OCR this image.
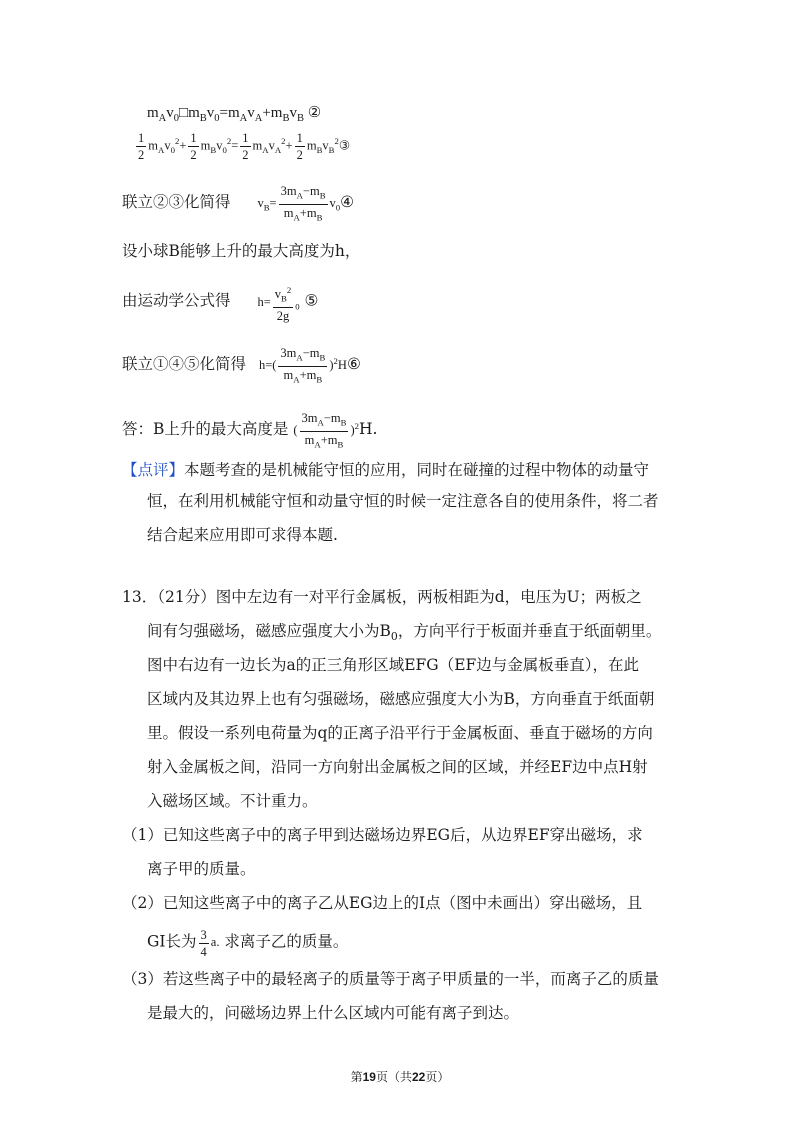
$m_Av_0□m_Bv_0=m_Av_A+m_Bv_B$ ②
$\frac{1}{2} m_Av_0^2+ \frac{1}{2} m_Bv_0^2= \frac{1}{2} m_Av_A^2+ \frac{1}{2}$ $m_Bv_B^2③$
联立②③化简得 $v_B= \frac{3m_A-m_B}{m_A+m_B}$ $v_0④$
设小球B能够上升的最大高度为h，
由运动学公式得 $h= \frac{v_B^2}{2g} _0$ ⑤
联立①④⑤化简得 $h=( \frac{3m_A-m_B}{m_A+m_B}$ )$^2H⑥$
答：B上升的最大高度是 ( $\frac{3m_A-m_B}{m_A+m_B} )^2H$.
【点评】本题考查的是机械能守恒的应用，同时在碰撞的过程中物体的动量守
恒，在利用机械能守恒和动量守恒的时候一定注意各自的使用条件，将二者
结合起来应用即可求得本题.
13．（21分）图中左边有一对平行金属板，两板相距为d，电压为U；两板之
间有匀强磁场，磁感应强度大小为$B_0$，方向平行于板面并垂直于纸面朝里。
图中右边有一边长为a的正三角形区域EFG（EF边与金属板垂直），在此
区域内及其边界上也有匀强磁场，磁感应强度大小为B，方向垂直于纸面朝
里。假设一系列电荷量为q的正离子沿平行于金属板面、垂直于磁场的方向
射入金属板之间，沿同一方向射出金属板之间的区域，并经EF边中点H射
入磁场区域。不计重力。
（1）已知这些离子中的离子甲到达磁场边界EG后，从边界EF穿出磁场，求
离子甲的质量。
（2）已知这些离子中的离子乙从EG边上的I点（图中未画出）穿出磁场，且
GI长为 $\frac{3}{4} a$. 求离子乙的质量。
（3）若这些离子中的最轻离子的质量等于离子甲质量的一半，而离子乙的质量
是最大的，问磁场边界上什么区域内可能有离子到达。
第19页（共22页）
